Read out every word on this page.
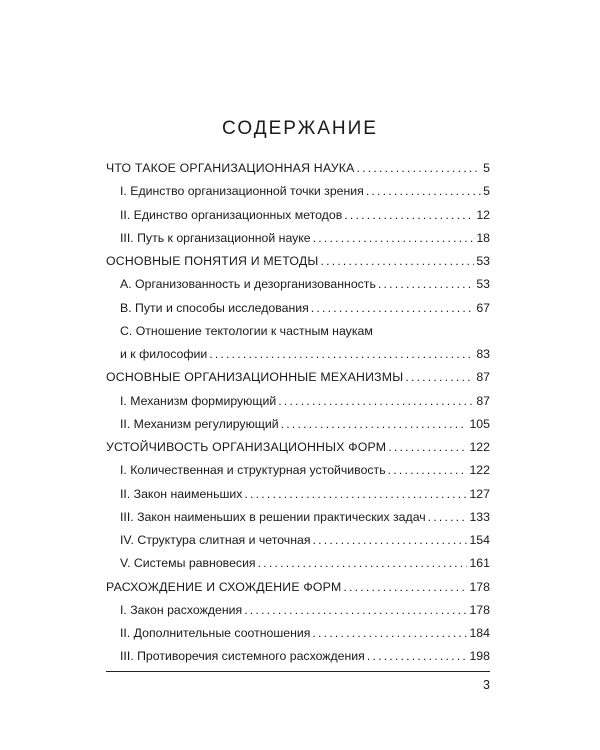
СОДЕРЖАНИЕ
ЧТО ТАКОЕ ОРГАНИЗАЦИОННАЯ НАУКА .....	5
I. Единство организационной точки зрения .....	5
II. Единство организационных методов .....	12
III. Путь к организационной науке .....	18
ОСНОВНЫЕ ПОНЯТИЯ И МЕТОДЫ .....	53
A. Организованность и дезорганизованность .....	53
B. Пути и способы исследования .....	67
C. Отношение тектологии к частным наукам
и к философии .....	83
ОСНОВНЫЕ ОРГАНИЗАЦИОННЫЕ МЕХАНИЗМЫ .....	87
I. Механизм формирующий .....	87
II. Механизм регулирующий .....	105
УСТОЙЧИВОСТЬ ОРГАНИЗАЦИОННЫХ ФОРМ .....	122
I. Количественная и структурная устойчивость .....	122
II. Закон наименьших .....	127
III. Закон наименьших в решении практических задач .....	133
IV. Структура слитная и четочная .....	154
V. Системы равновесия .....	161
РАСХОЖДЕНИЕ И СХОЖДЕНИЕ ФОРМ .....	178
I. Закон расхождения .....	178
II. Дополнительные соотношения .....	184
III. Противоречия системного расхождения .....	198
3
